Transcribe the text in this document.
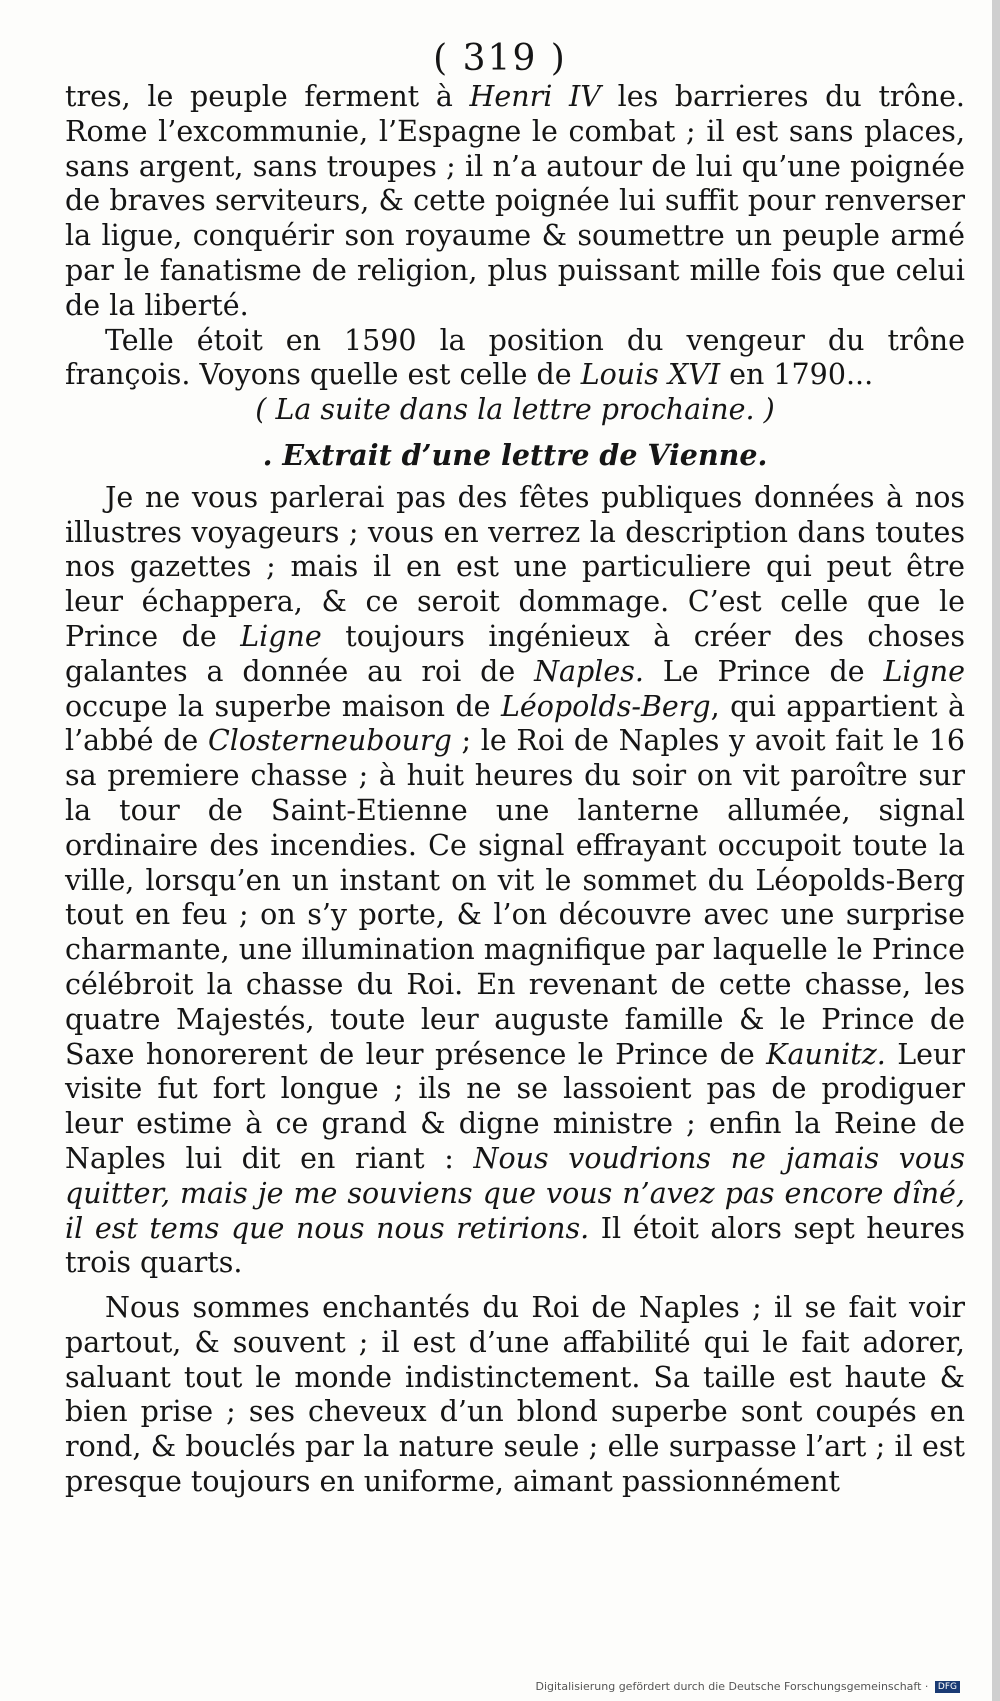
( 319 )

tres, le peuple ferment à Henri IV les barrieres du trône. Rome l’excommunie, l’Espagne le combat ; il est sans places, sans argent, sans troupes ; il n’a autour de lui qu’une poignée de braves serviteurs, & cette poignée lui suffit pour renverser la ligue, conquérir son royaume & soumettre un peuple armé par le fanatisme de religion, plus puissant mille fois que celui de la liberté.

Telle étoit en 1590 la position du vengeur du trône françois. Voyons quelle est celle de Louis XVI en 1790...

( La suite dans la lettre prochaine. )

. Extrait d’une lettre de Vienne.

Je ne vous parlerai pas des fêtes publiques données à nos illustres voyageurs ; vous en verrez la description dans toutes nos gazettes ; mais il en est une particuliere qui peut être leur échappera, & ce seroit dommage. C’est celle que le Prince de Ligne toujours ingénieux à créer des choses galantes a donnée au roi de Naples. Le Prince de Ligne occupe la superbe maison de Léopolds-Berg, qui appartient à l’abbé de Closterneubourg ; le Roi de Naples y avoit fait le 16 sa premiere chasse ; à huit heures du soir on vit paroître sur la tour de Saint-Etienne une lanterne allumée, signal ordinaire des incendies. Ce signal effrayant occupoit toute la ville, lorsqu’en un instant on vit le sommet du Léopolds-Berg tout en feu ; on s’y porte, & l’on découvre avec une surprise charmante, une illumination magnifique par laquelle le Prince célébroit la chasse du Roi. En revenant de cette chasse, les quatre Majestés, toute leur auguste famille & le Prince de Saxe honorerent de leur présence le Prince de Kaunitz. Leur visite fut fort longue ; ils ne se lassoient pas de prodiguer leur estime à ce grand & digne ministre ; enfin la Reine de Naples lui dit en riant : Nous voudrions ne jamais vous quitter, mais je me souviens que vous n’avez pas encore dîné, il est tems que nous nous retirions. Il étoit alors sept heures trois quarts.

Nous sommes enchantés du Roi de Naples ; il se fait voir partout, & souvent ; il est d’une affabilité qui le fait adorer, saluant tout le monde indistinctement. Sa taille est haute & bien prise ; ses cheveux d’un blond superbe sont coupés en rond, & bouclés par la nature seule ; elle surpasse l’art ; il est presque toujours en uniforme, aimant passionnément

Digitalisierung gefördert durch die Deutsche Forschungsgemeinschaft · DFG
